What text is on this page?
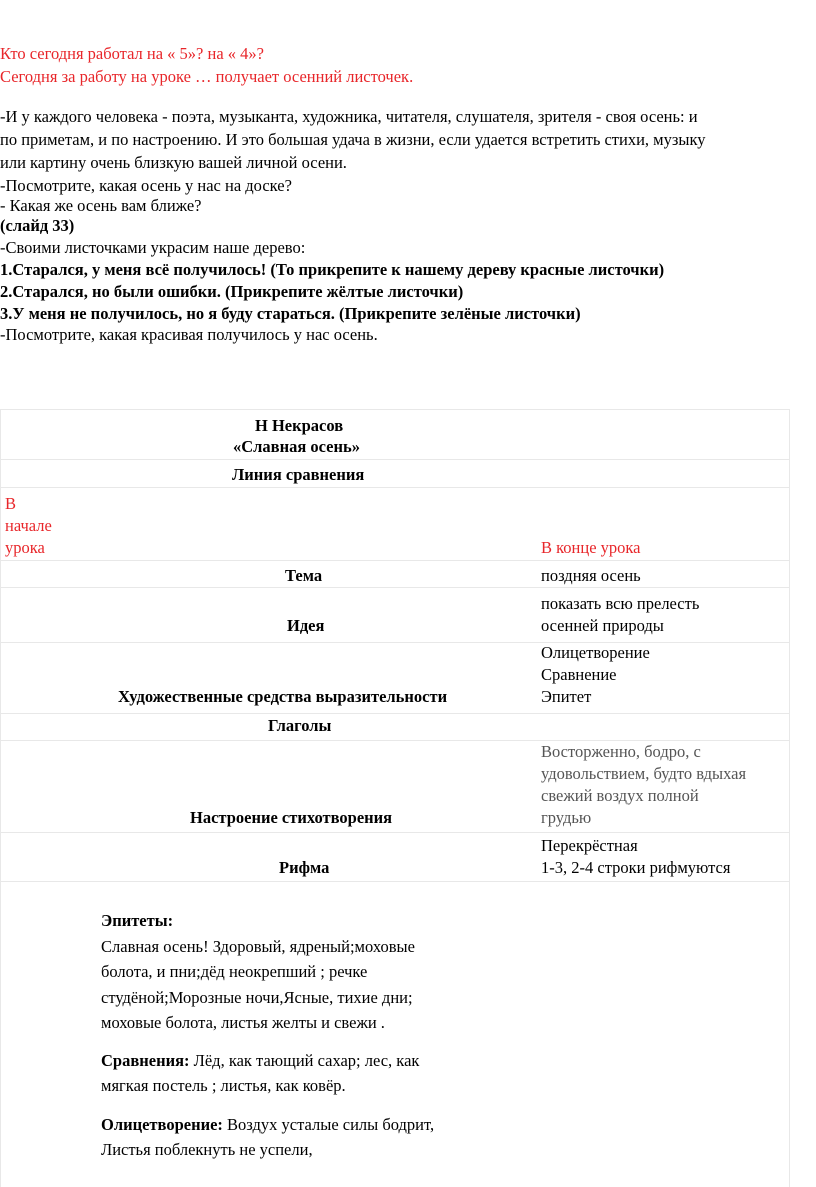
Кто сегодня работал на « 5»? на « 4»?
Сегодня за работу на уроке … получает осенний листочек.
-И у каждого человека - поэта, музыканта, художника, читателя, слушателя, зрителя - своя осень: и
по приметам, и по настроению. И это большая удача в жизни, если удается встретить стихи, музыку
или картину очень близкую вашей личной осени.
-Посмотрите, какая осень у нас на доске?
- Какая же осень вам ближе?
(слайд 33)
-Своими листочками украсим наше дерево:
1.Старался, у меня всё получилось! (То прикрепите к нашему дереву красные листочки)
2.Старался, но были ошибки. (Прикрепите жёлтые листочки)
3.У меня не получилось, но я буду стараться. (Прикрепите зелёные листочки)
-Посмотрите, какая красивая получилось у нас осень.
Н Некрасов
«Славная осень»
Линия сравнения
В
начале
урока	В конце урока
Тема	поздняя осень
Идея
показать всю прелесть
осенней природы
Художественные средства выразительности
Олицетворение
Сравнение
Эпитет
Глаголы
Настроение стихотворения
Восторженно, бодро, с
удовольствием, будто вдыхая
свежий воздух полной
грудью
Рифма
Перекрёстная
1-3, 2-4 строки рифмуются
Эпитеты:
Славная осень! Здоровый, ядреный;моховые
болота, и пни;дёд неокрепший ; речке
студёной;Морозные ночи,Ясные, тихие дни;
моховые болота, листья желты и свежи .
Сравнения: Лёд, как тающий сахар; лес, как
мягкая постель ; листья, как ковёр.
Олицетворение: Воздух усталые силы бодрит,
Листья поблекнуть не успели,
